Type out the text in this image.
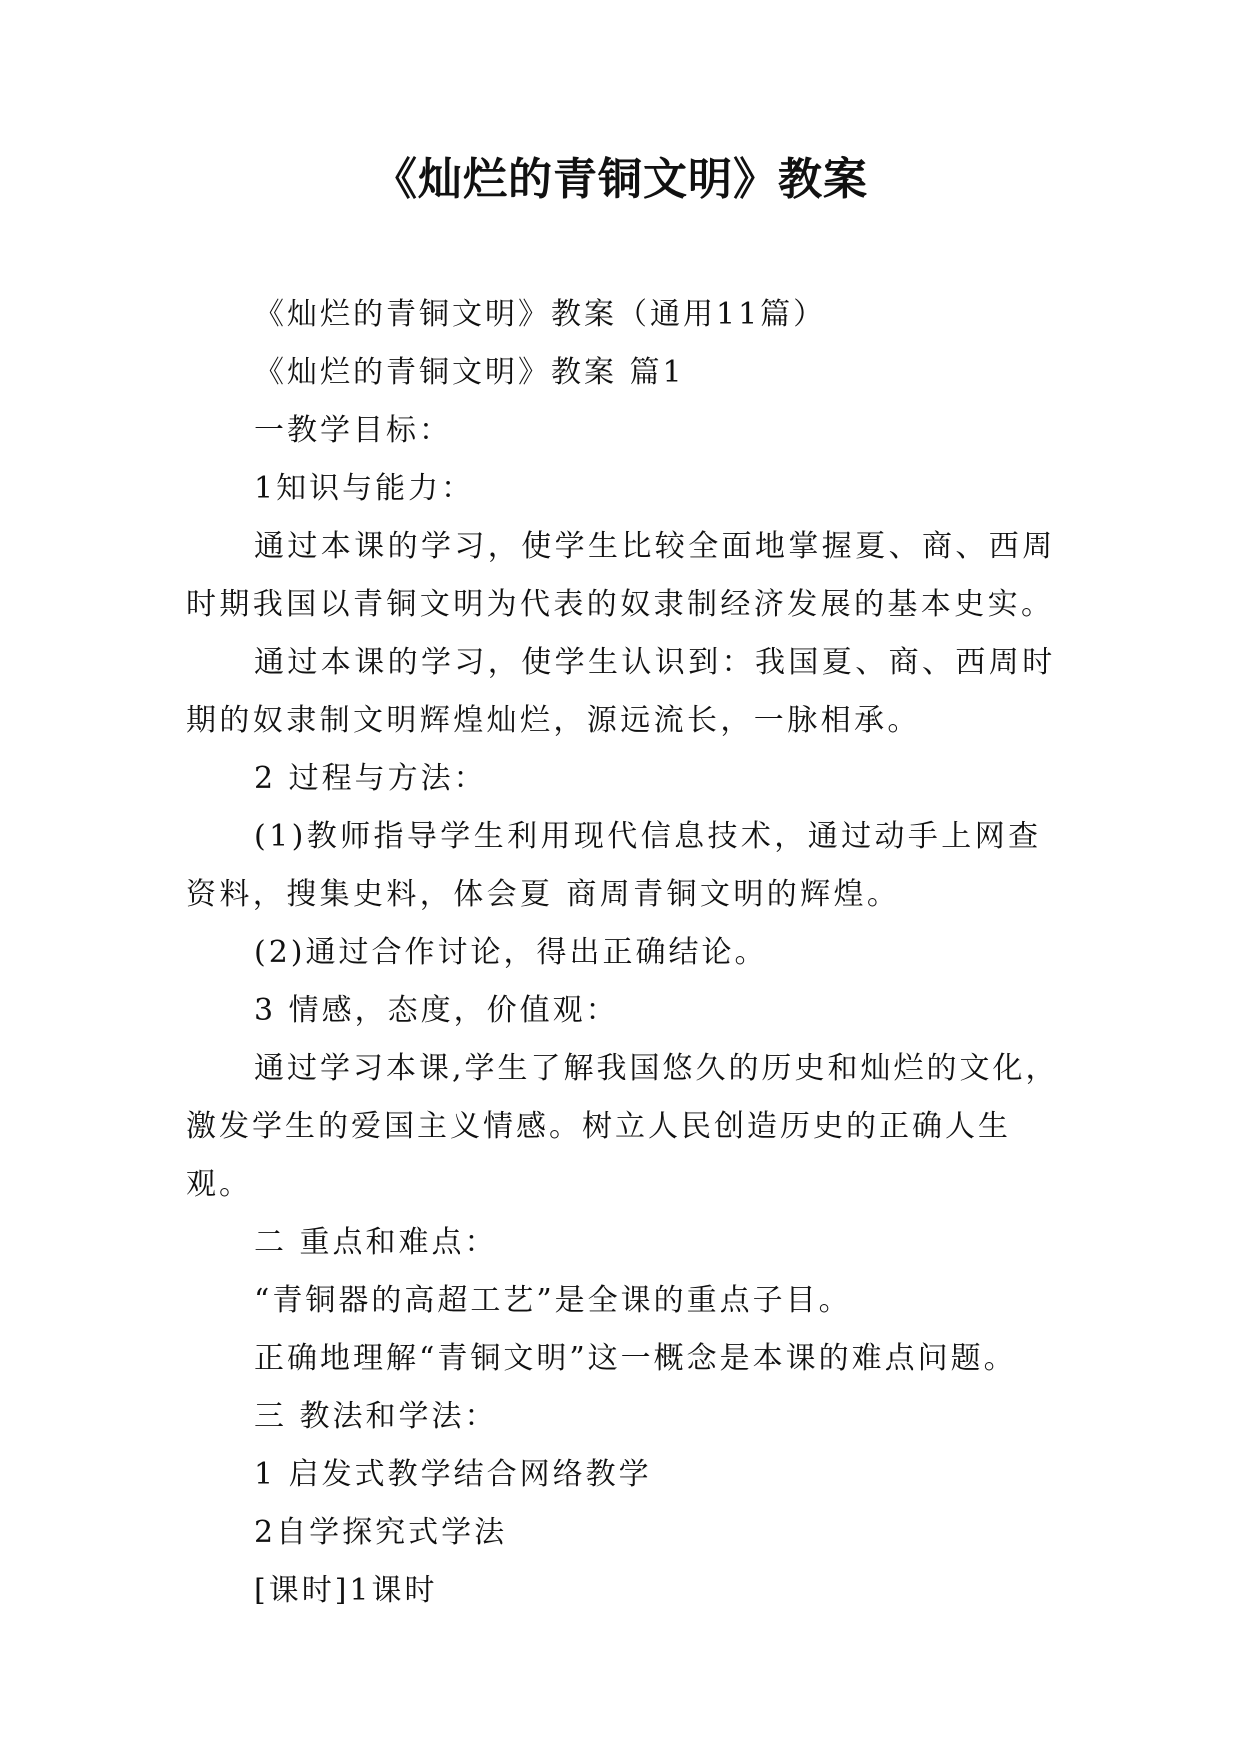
《灿烂的青铜文明》教案

《灿烂的青铜文明》教案（通用11篇）

《灿烂的青铜文明》教案 篇1

一教学目标：

1知识与能力：

通过本课的学习，使学生比较全面地掌握夏、商、西周时期我国以青铜文明为代表的奴隶制经济发展的基本史实。

通过本课的学习，使学生认识到：我国夏、商、西周时期的奴隶制文明辉煌灿烂，源远流长，一脉相承。

2 过程与方法：

(1)教师指导学生利用现代信息技术，通过动手上网查资料，搜集史料，体会夏 商周青铜文明的辉煌。

(2)通过合作讨论，得出正确结论。

3 情感，态度，价值观：

通过学习本课,学生了解我国悠久的历史和灿烂的文化，激发学生的爱国主义情感。树立人民创造历史的正确人生观。

二 重点和难点：

“青铜器的高超工艺”是全课的重点子目。

正确地理解“青铜文明”这一概念是本课的难点问题。

三 教法和学法：

1 启发式教学结合网络教学

2自学探究式学法

[课时]1课时
